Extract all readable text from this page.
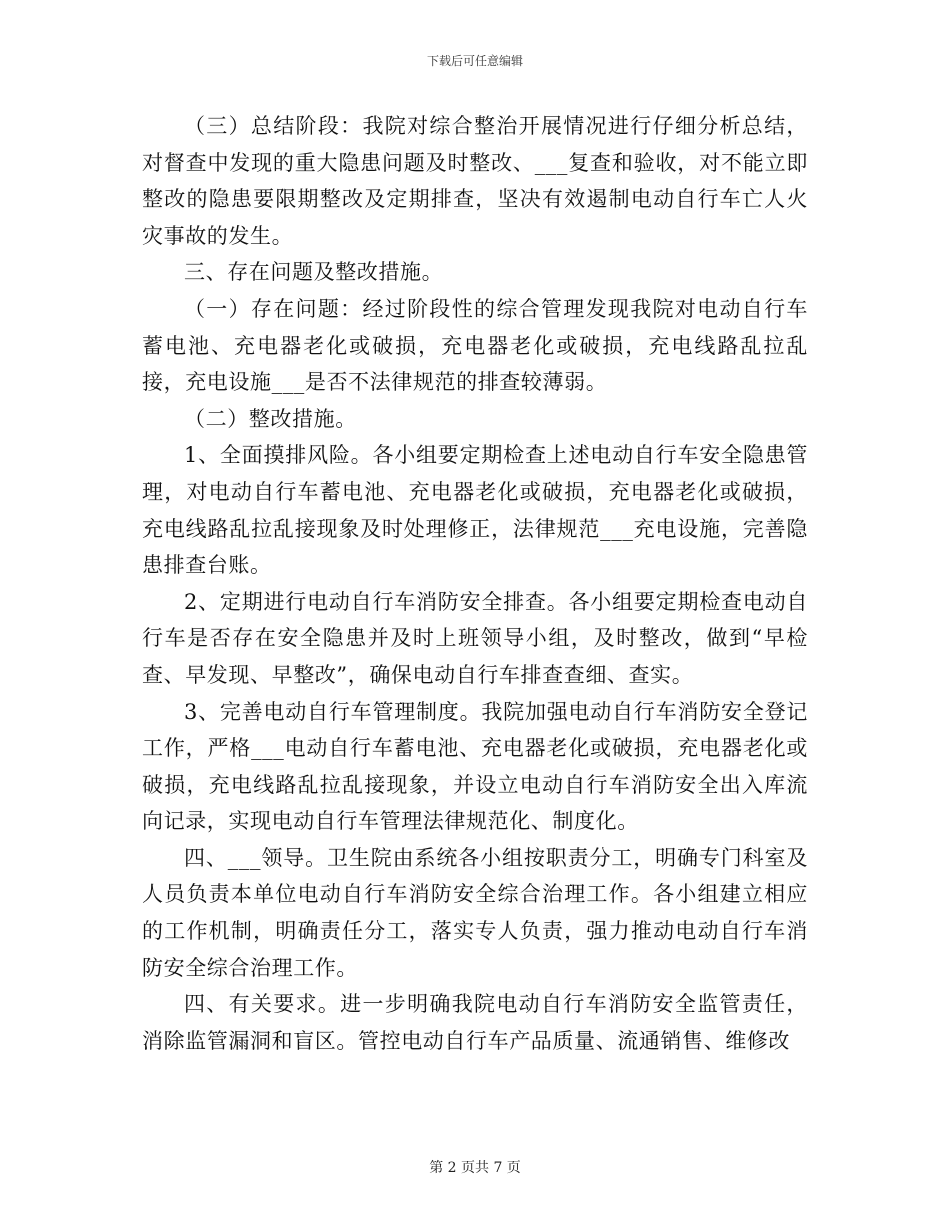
下载后可任意编辑

（三）总结阶段：我院对综合整治开展情况进行仔细分析总结，对督查中发现的重大隐患问题及时整改、___复查和验收，对不能立即整改的隐患要限期整改及定期排查，坚决有效遏制电动自行车亡人火灾事故的发生。

三、存在问题及整改措施。

（一）存在问题：经过阶段性的综合管理发现我院对电动自行车蓄电池、充电器老化或破损，充电器老化或破损，充电线路乱拉乱接，充电设施___是否不法律规范的排查较薄弱。

（二）整改措施。

1、全面摸排风险。各小组要定期检查上述电动自行车安全隐患管理，对电动自行车蓄电池、充电器老化或破损，充电器老化或破损，充电线路乱拉乱接现象及时处理修正，法律规范___充电设施，完善隐患排查台账。

2、定期进行电动自行车消防安全排查。各小组要定期检查电动自行车是否存在安全隐患并及时上班领导小组，及时整改，做到“早检查、早发现、早整改”，确保电动自行车排查查细、查实。

3、完善电动自行车管理制度。我院加强电动自行车消防安全登记工作，严格___电动自行车蓄电池、充电器老化或破损，充电器老化或破损，充电线路乱拉乱接现象，并设立电动自行车消防安全出入库流向记录，实现电动自行车管理法律规范化、制度化。

四、___领导。卫生院由系统各小组按职责分工，明确专门科室及人员负责本单位电动自行车消防安全综合治理工作。各小组建立相应的工作机制，明确责任分工，落实专人负责，强力推动电动自行车消防安全综合治理工作。

四、有关要求。进一步明确我院电动自行车消防安全监管责任，消除监管漏洞和盲区。管控电动自行车产品质量、流通销售、维修改

第 2 页共 7 页
